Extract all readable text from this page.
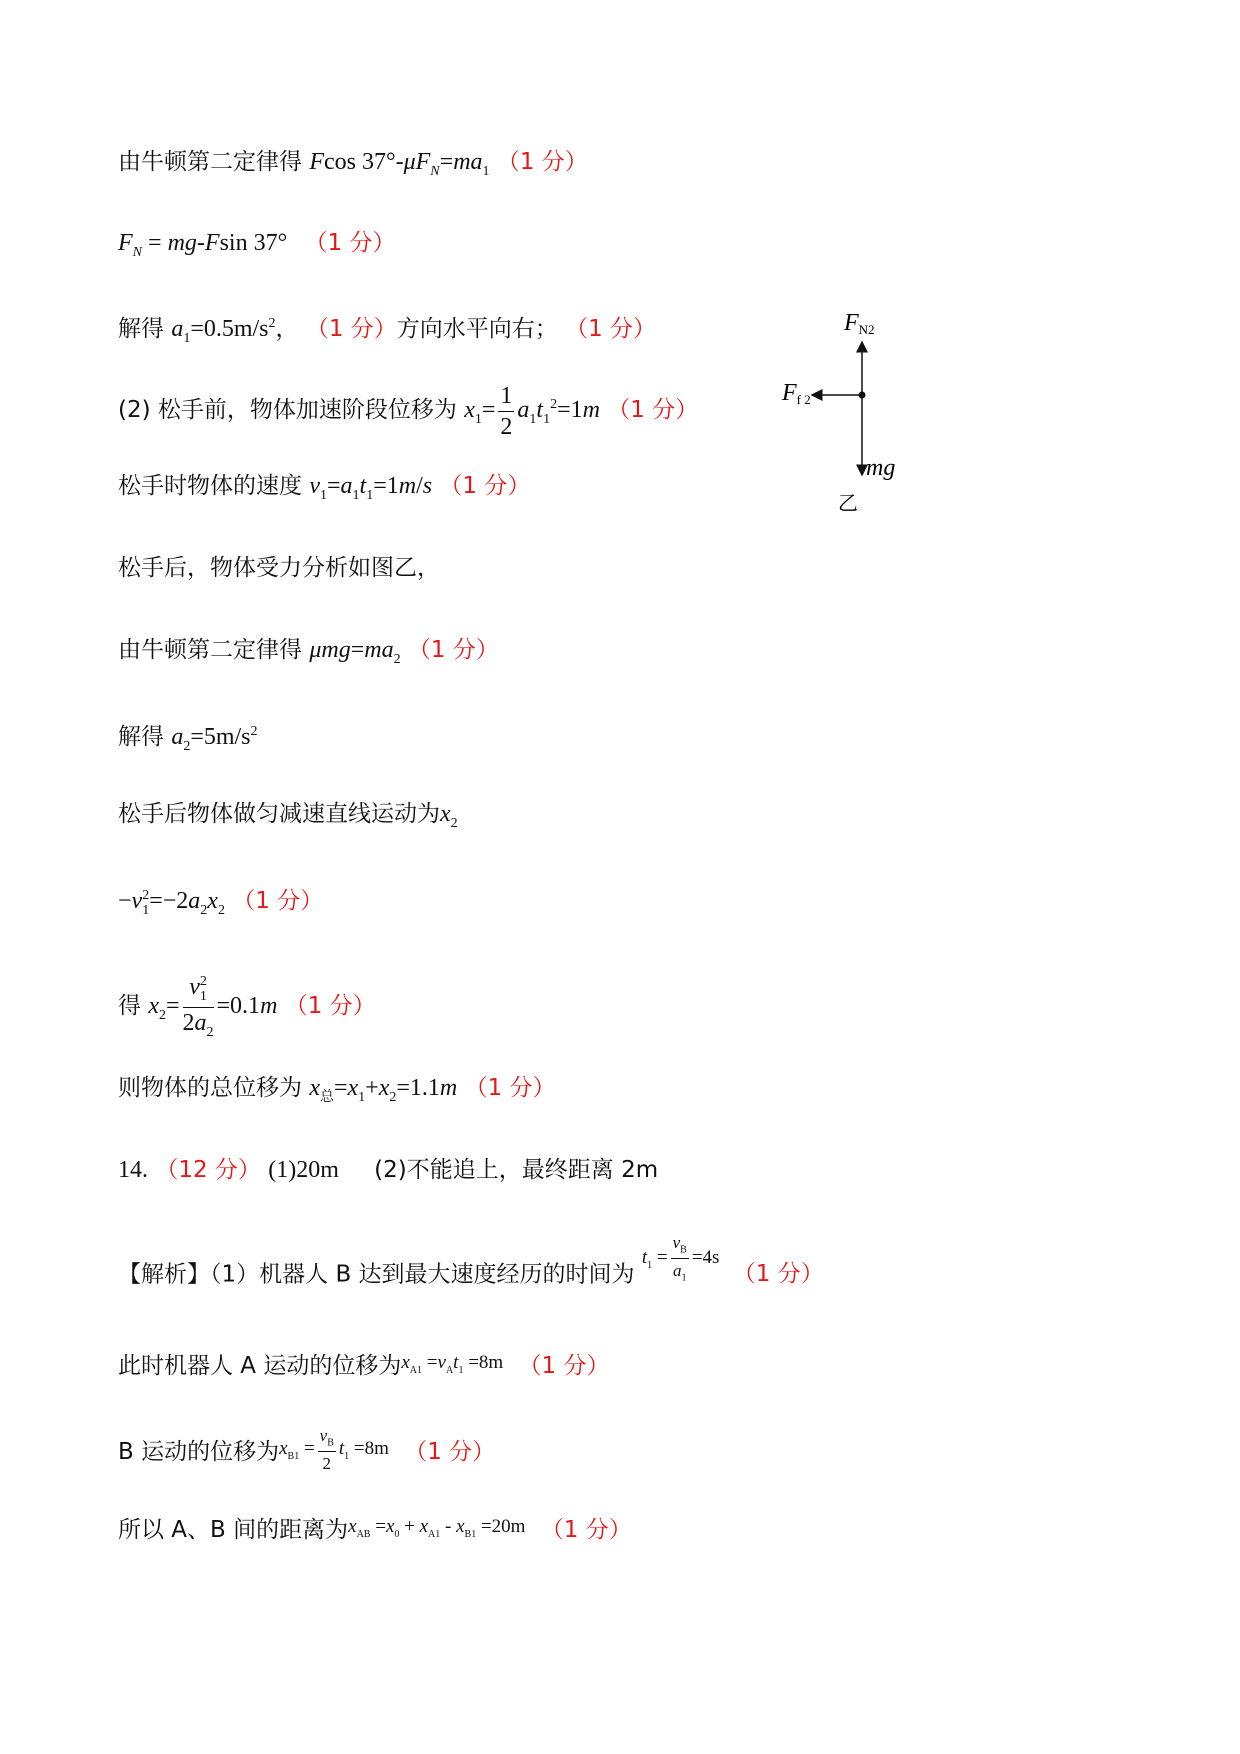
由牛顿第二定律得 Fcos $37^\circ-\mu F_N=ma_1$ （1 分）
$F_N = mg-Fsin$ 37° （1 分）
解得 $a_1=0.5m/s^2$， （1 分）方向水平向右； （1 分）
(2) 松手前，物体加速阶段位移为 $x_1= \frac{1}{2} a_1t_1^2=1m$ （1 分）
松手时物体的速度 $v_1=a_1t_1=1m/s$ （1 分）
松手后，物体受力分析如图乙，
由牛顿第二定律得 $\mu mg=ma_2$ （1 分）
解得 $a_2=5m/s^2$
松手后物体做匀减速直线运动为$x_2$
$-v_1^2=-2a_2x_2$ （1 分）
得 $x_2= \frac{v_1^2}{2a_2} =0.1m$ （1 分）
则物体的总位移为 $x_总=x_1+x_2=1.1m$ （1 分）
14. （12 分） (1)20m (2)不能追上，最终距离 2m
【解析】（1）机器人 B 达到最大速度经历的时间为 $^{t_1 = \frac{v_B}{a_1} =4s}$ （1 分）
此时机器人 A 运动的位移为$^{x_{A1} =v_At_1 =8m}$ （1 分）
B 运动的位移为$^{x_{B1} = \frac{v_B}{2} t_1 =8m}$ （1 分）
所以 A、B 间的距离为$^{x_{AB} =x_0 + x_{A1} - x_{B1} =20m}$ （1 分）
FN2
Ff 2
mg
乙
